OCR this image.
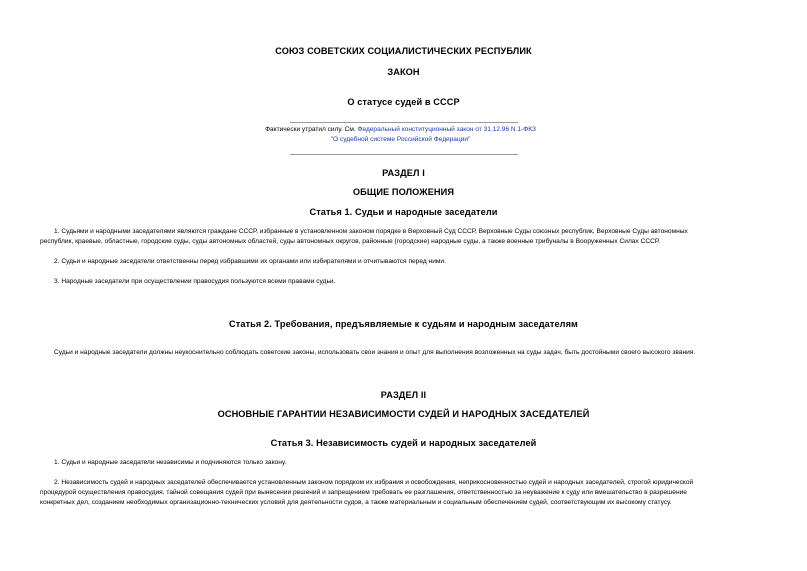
СОЮЗ СОВЕТСКИХ СОЦИАЛИСТИЧЕСКИХ РЕСПУБЛИК
ЗАКОН
О статусе судей в СССР
Фактически утратил силу. См. Федеральный конституционный закон от 31.12.96 N 1-ФКЗ
"О судебной системе Российской Федерации"
РАЗДЕЛ I
ОБЩИЕ ПОЛОЖЕНИЯ
Статья 1. Судьи и народные заседатели
1. Судьями и народными заседателями являются граждане СССР, избранные в установленном законом порядке в Верховный Суд СССР, Верховные Суды союзных республик, Верховные Суды автономных
республик, краевые, областные, городские суды, суды автономных областей, суды автономных округов, районные (городские) народные суды, а также военные трибуналы в Вооруженных Силах СССР.
2. Судьи и народные заседатели ответственны перед избравшими их органами или избирателями и отчитываются перед ними.
3. Народные заседатели при осуществлении правосудия пользуются всеми правами судьи.
Статья 2. Требования, предъявляемые к судьям и народным заседателям
Судьи и народные заседатели должны неукоснительно соблюдать советские законы, использовать свои знания и опыт для выполнения возложенных на суды задач, быть достойными своего высокого звания.
РАЗДЕЛ II
ОСНОВНЫЕ ГАРАНТИИ НЕЗАВИСИМОСТИ СУДЕЙ И НАРОДНЫХ ЗАСЕДАТЕЛЕЙ
Статья 3. Независимость судей и народных заседателей
1. Судьи и народные заседатели независимы и подчиняются только закону.
2. Независимость судей и народных заседателей обеспечивается установленным законом порядком их избрания и освобождения, неприкосновенностью судей и народных заседателей, строгой юридической
процедурой осуществления правосудия, тайной совещания судей при вынесении решений и запрещением требовать ее разглашения, ответственностью за неуважение к суду или вмешательство в разрешение
конкретных дел, созданием необходимых организационно-технических условий для деятельности судов, а также материальным и социальным обеспечением судей, соответствующим их высокому статусу.
